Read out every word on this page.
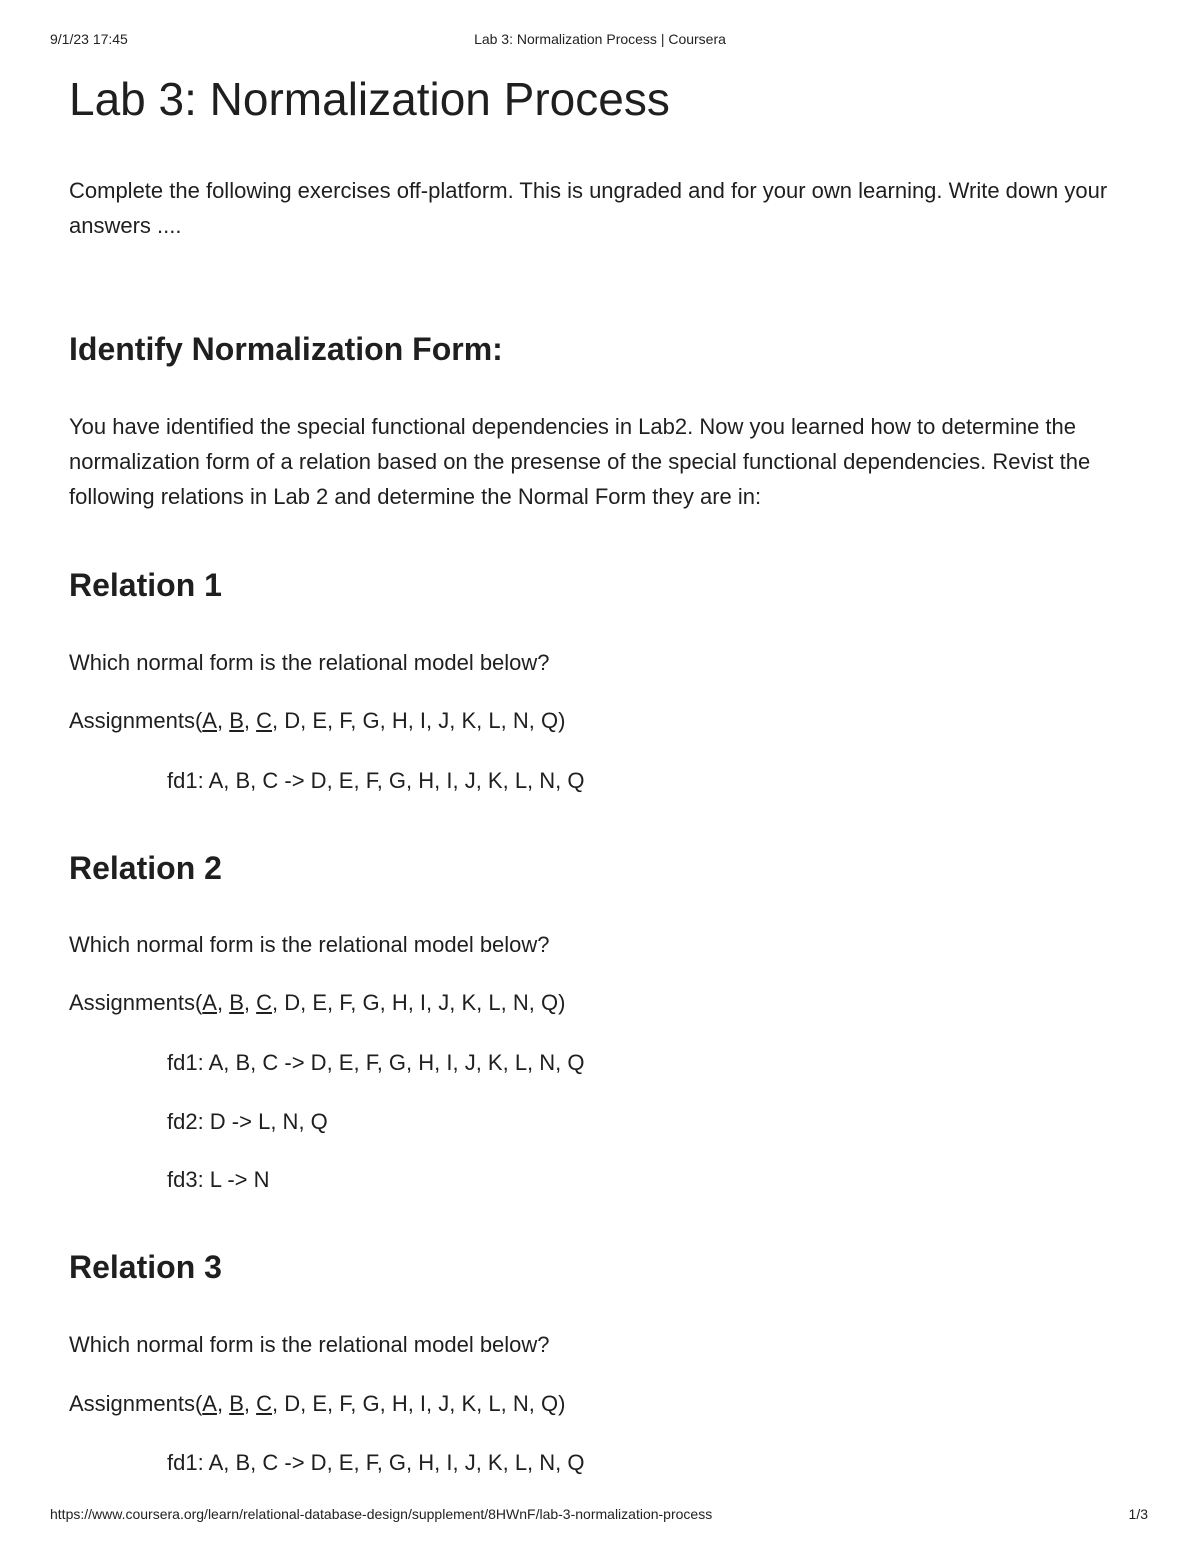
9/1/23 17:45	Lab 3: Normalization Process | Coursera
Lab 3: Normalization Process
Complete the following exercises off-platform. This is ungraded and for your own learning. Write down your answers ....
Identify Normalization Form:
You have identified the special functional dependencies in Lab2. Now you learned how to determine the normalization form of a relation based on the presense of the special functional dependencies. Revist the following relations in Lab 2 and determine the Normal Form they are in:
Relation 1
Which normal form is the relational model below?
Assignments(A, B, C, D, E, F, G, H, I, J, K, L, N, Q)
fd1: A, B, C -> D, E, F, G, H, I, J, K, L, N, Q
Relation 2
Which normal form is the relational model below?
Assignments(A, B, C, D, E, F, G, H, I, J, K, L, N, Q)
fd1: A, B, C -> D, E, F, G, H, I, J, K, L, N, Q
fd2: D -> L, N, Q
fd3: L -> N
Relation 3
Which normal form is the relational model below?
Assignments(A, B, C, D, E, F, G, H, I, J, K, L, N, Q)
fd1: A, B, C -> D, E, F, G, H, I, J, K, L, N, Q
https://www.coursera.org/learn/relational-database-design/supplement/8HWnF/lab-3-normalization-process	1/3
